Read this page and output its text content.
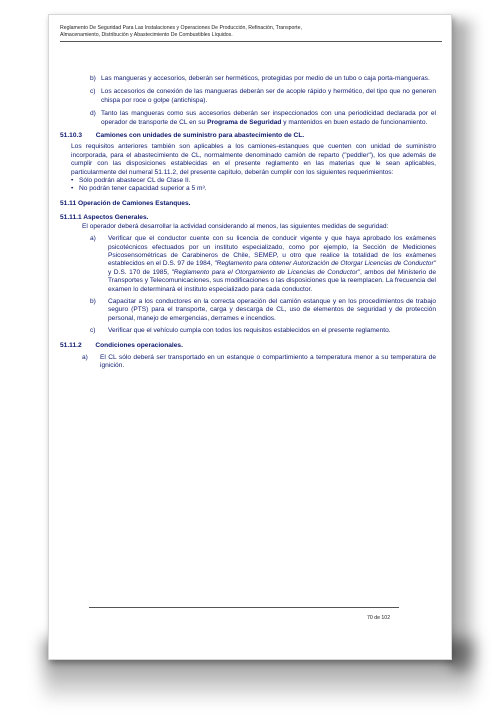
Reglamento De Seguridad Para Las Instalaciones y Operaciones De Producción, Refinación, Transporte,
Almacenamiento, Distribución y Abastecimiento De Combustibles Líquidos.
b) Las mangueras y accesorios, deberán ser herméticos, protegidas por medio de un tubo o caja porta-mangueras.
c) Los accesorios de conexión de las mangueras deberán ser de acople rápido y hermético, del tipo que no generen chispa por roce o golpe (antichispa).
d) Tanto las mangueras como sus accesorios deberán ser inspeccionados con una periodicidad declarada por el operador de transporte de CL en su Programa de Seguridad y mantenidos en buen estado de funcionamiento.
51.10.3 Camiones con unidades de suministro para abastecimiento de CL.
Los requisitos anteriores también son aplicables a los camiones-estanques que cuenten con unidad de suministro incorporada, para el abastecimiento de CL, normalmente denominado camión de reparto ("peddler"), los que además de cumplir con las disposiciones establecidas en el presente reglamento en las materias que le sean aplicables, particularmente del numeral 51.11.2, del presente capítulo, deberán cumplir con los siguientes requerimientos:
• Sólo podrán abastecer CL de Clase II.
• No podrán tener capacidad superior a 5 m³.
51.11 Operación de Camiones Estanques.
51.11.1 Aspectos Generales.
El operador deberá desarrollar la actividad considerando al menos, las siguientes medidas de seguridad:
a) Verificar que el conductor cuente con su licencia de conducir vigente y que haya aprobado los exámenes psicotécnicos efectuados por un instituto especializado, como por ejemplo, la Sección de Mediciones Psicosensométricas de Carabineros de Chile, SEMEP, u otro que realice la totalidad de los exámenes establecidos en el D.S. 97 de 1984, "Reglamento para obtener Autorización de Otorgar Licencias de Conductor" y D.S. 170 de 1985, "Reglamento para el Otorgamiento de Licencias de Conductor", ambos del Ministerio de Transportes y Telecomunicaciones, sus modificaciones o las disposiciones que la reemplacen. La frecuencia del examen lo determinará el instituto especializado para cada conductor.
b) Capacitar a los conductores en la correcta operación del camión estanque y en los procedimientos de trabajo seguro (PTS) para el transporte, carga y descarga de CL, uso de elementos de seguridad y de protección personal, manejo de emergencias, derrames e incendios.
c) Verificar que el vehículo cumpla con todos los requisitos establecidos en el presente reglamento.
51.11.2 Condiciones operacionales.
a) El CL sólo deberá ser transportado en un estanque o compartimiento a temperatura menor a su temperatura de ignición.
70 de 102
